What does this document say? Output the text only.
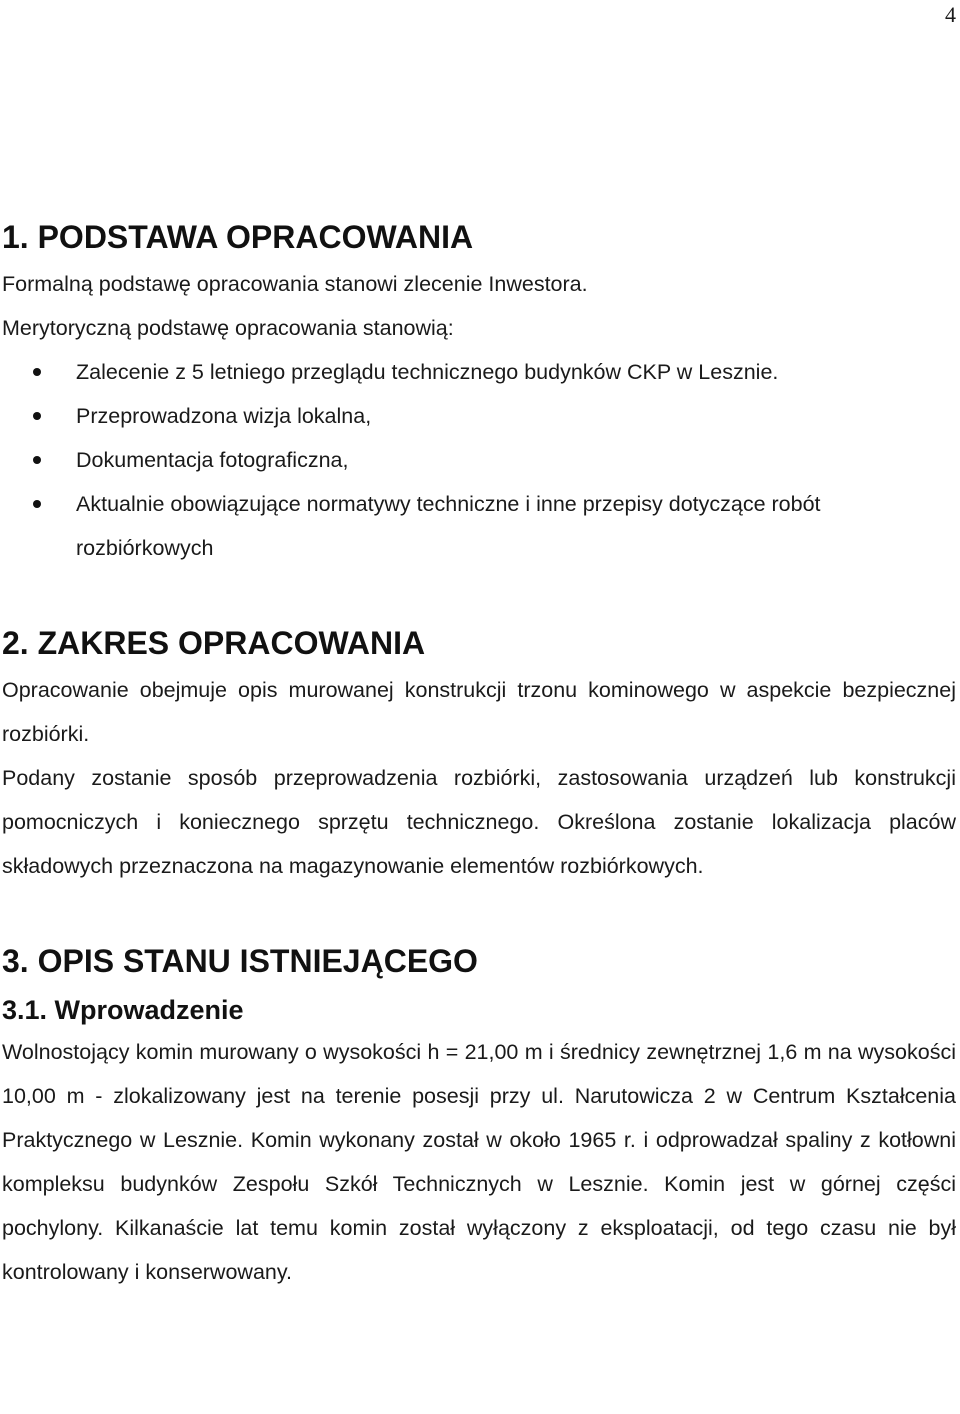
4
1. PODSTAWA OPRACOWANIA

Formalną podstawę opracowania stanowi zlecenie Inwestora.

Merytoryczną podstawę opracowania stanowią:

Zalecenie z 5 letniego przeglądu technicznego budynków CKP w Lesznie.
Przeprowadzona wizja lokalna,
Dokumentacja fotograficzna,
Aktualnie obowiązujące normatywy techniczne i inne przepisy dotyczące robót rozbiórkowych
2. ZAKRES OPRACOWANIA

Opracowanie obejmuje opis murowanej konstrukcji trzonu kominowego w aspekcie bezpiecznej rozbiórki.

Podany zostanie sposób przeprowadzenia rozbiórki, zastosowania urządzeń lub konstrukcji pomocniczych i koniecznego sprzętu technicznego. Określona zostanie lokalizacja placów składowych przeznaczona na magazynowanie elementów rozbiórkowych.

3. OPIS STANU ISTNIEJĄCEGO
3.1. Wprowadzenie

Wolnostojący komin murowany o wysokości h = 21,00 m i średnicy zewnętrznej 1,6 m na wysokości 10,00 m - zlokalizowany jest na terenie posesji przy ul. Narutowicza 2 w Centrum Kształcenia Praktycznego w Lesznie. Komin wykonany został w około 1965 r. i odprowadzał spaliny z kotłowni kompleksu budynków Zespołu Szkół Technicznych w Lesznie. Komin jest w górnej części pochylony. Kilkanaście lat temu komin został wyłączony z eksploatacji, od tego czasu nie był kontrolowany i konserwowany.
